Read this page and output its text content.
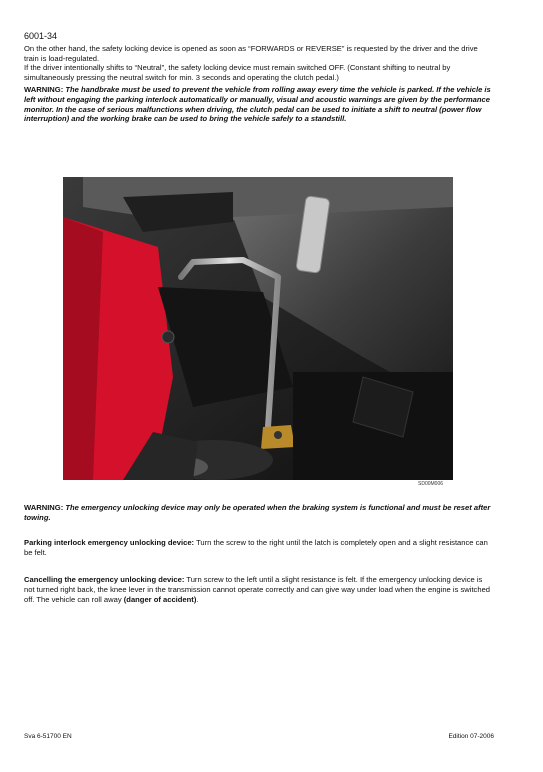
6001-34

On the other hand, the safety locking device is opened as soon as “FORWARDS or REVERSE” is requested by the driver and the drive train is load-regulated.

If the driver intentionally shifts to “Neutral”, the safety locking device must remain switched OFF. (Constant shifting to neutral by simultaneously pressing the neutral switch for min. 3 seconds and operating the clutch pedal.)

WARNING: The handbrake must be used to prevent the vehicle from rolling away every time the vehicle is parked. If the vehicle is left without engaging the parking interlock automatically or manually, visual and acoustic warnings are given by the performance monitor. In the case of serious malfunctions when driving, the clutch pedal can be used to initiate a shift to neutral (power flow interruption) and the working brake can be used to bring the vehicle safely to a standstill.

SD00M006

WARNING: The emergency unlocking device may only be operated when the braking system is functional and must be reset after towing.

Parking interlock emergency unlocking device: Turn the screw to the right until the latch is completely open and a slight resistance can be felt.

Cancelling the emergency unlocking device: Turn screw to the left until a slight resistance is felt. If the emergency unlocking device is not turned right back, the knee lever in the transmission cannot operate correctly and can give way under load when the engine is switched off. The vehicle can roll away (danger of accident).

Sva 6-51700 EN	Edition 07-2006
